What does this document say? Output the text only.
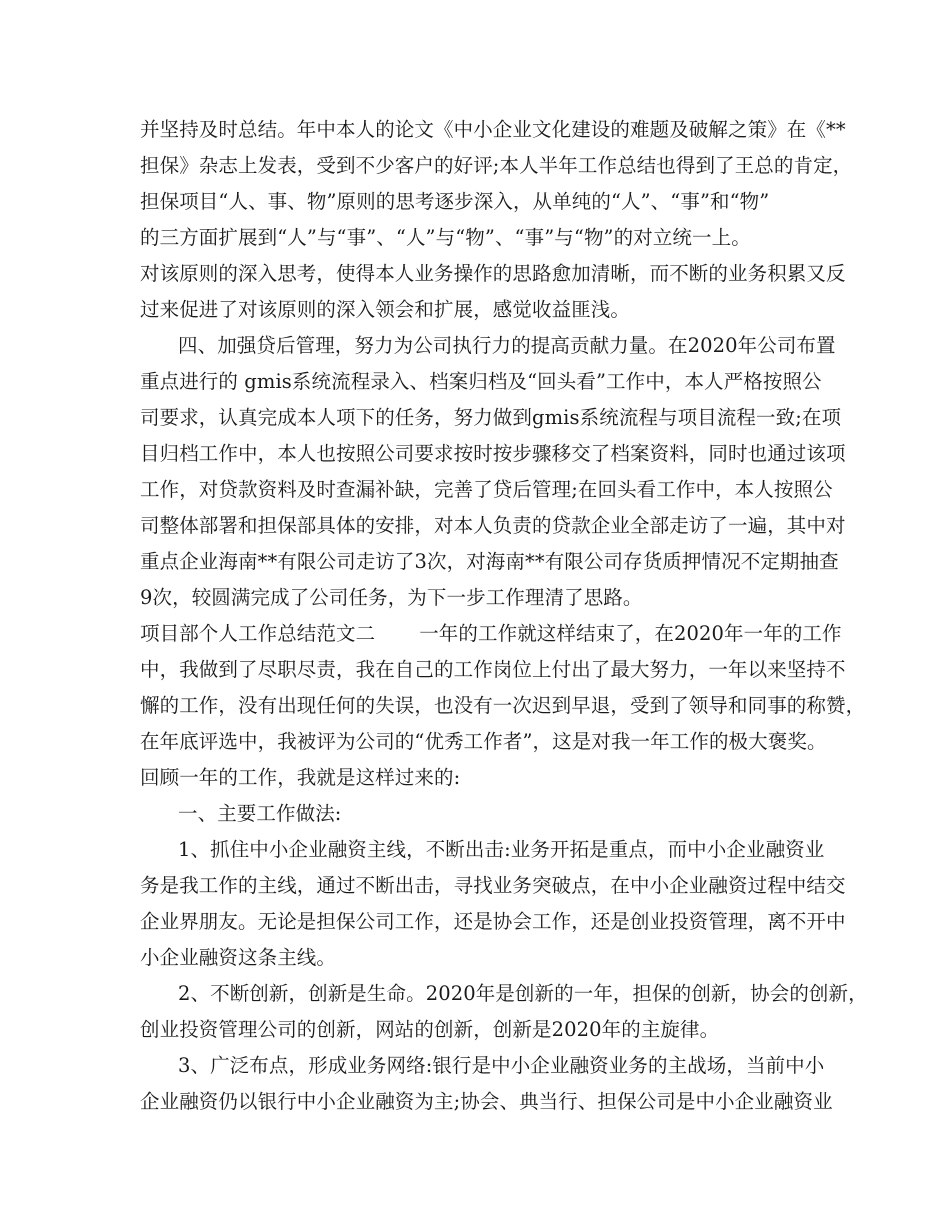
并坚持及时总结。年中本人的论文《中小企业文化建设的难题及破解之策》在《**
担保》杂志上发表，受到不少客户的好评;本人半年工作总结也得到了王总的肯定，
担保项目“人、事、物”原则的思考逐步深入，从单纯的“人”、“事”和“物”
的三方面扩展到“人”与“事”、“人”与“物”、“事”与“物”的对立统一上。
对该原则的深入思考，使得本人业务操作的思路愈加清晰，而不断的业务积累又反
过来促进了对该原则的深入领会和扩展，感觉收益匪浅。
四、加强贷后管理，努力为公司执行力的提高贡献力量。在2020年公司布置
重点进行的 gmis系统流程录入、档案归档及“回头看”工作中，本人严格按照公
司要求，认真完成本人项下的任务，努力做到gmis系统流程与项目流程一致;在项
目归档工作中，本人也按照公司要求按时按步骤移交了档案资料，同时也通过该项
工作，对贷款资料及时查漏补缺，完善了贷后管理;在回头看工作中，本人按照公
司整体部署和担保部具体的安排，对本人负责的贷款企业全部走访了一遍，其中对
重点企业海南**有限公司走访了3次，对海南**有限公司存货质押情况不定期抽查
9次，较圆满完成了公司任务，为下一步工作理清了思路。
项目部个人工作总结范文二 一年的工作就这样结束了，在2020年一年的工作
中，我做到了尽职尽责，我在自己的工作岗位上付出了最大努力，一年以来坚持不
懈的工作，没有出现任何的失误，也没有一次迟到早退，受到了领导和同事的称赞，
在年底评选中，我被评为公司的“优秀工作者”，这是对我一年工作的极大褒奖。
回顾一年的工作，我就是这样过来的:
一、主要工作做法:
1、抓住中小企业融资主线，不断出击:业务开拓是重点，而中小企业融资业
务是我工作的主线，通过不断出击，寻找业务突破点，在中小企业融资过程中结交
企业界朋友。无论是担保公司工作，还是协会工作，还是创业投资管理，离不开中
小企业融资这条主线。
2、不断创新，创新是生命。2020年是创新的一年，担保的创新，协会的创新，
创业投资管理公司的创新，网站的创新，创新是2020年的主旋律。
3、广泛布点，形成业务网络:银行是中小企业融资业务的主战场，当前中小
企业融资仍以银行中小企业融资为主;协会、典当行、担保公司是中小企业融资业
